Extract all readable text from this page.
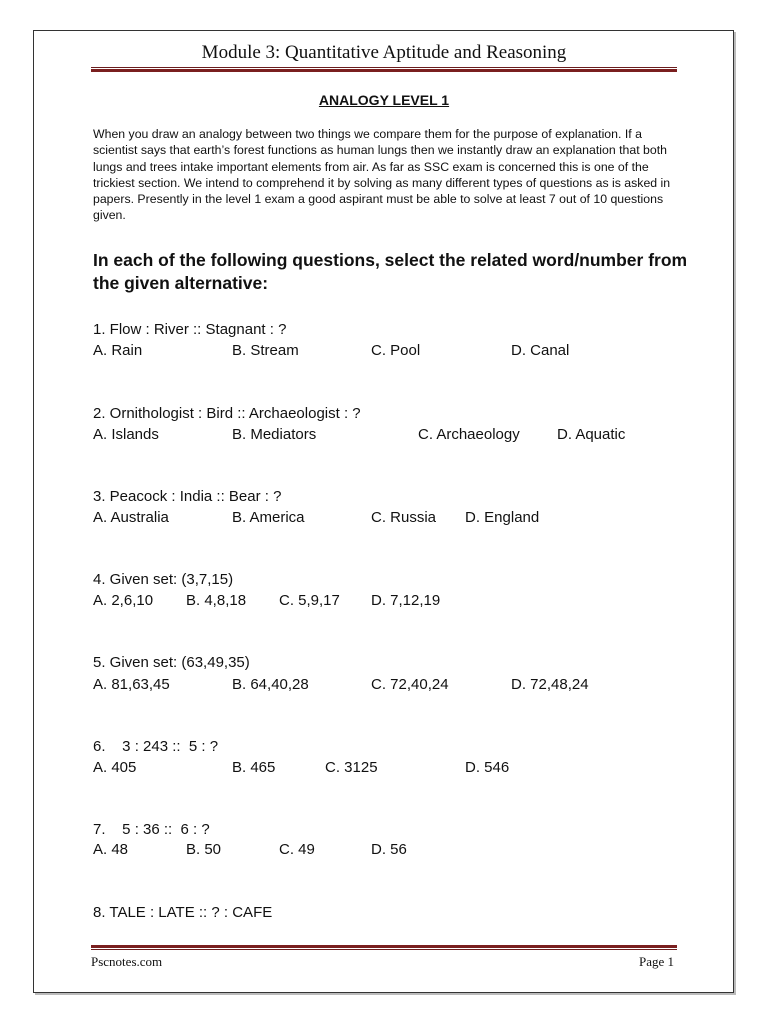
Module 3: Quantitative Aptitude and Reasoning
ANALOGY LEVEL 1
When you draw an analogy between two things we compare them for the purpose of explanation. If a scientist says that earth’s forest functions as human lungs then we instantly draw an explanation that both lungs and trees intake important elements from air. As far as SSC exam is concerned this is one of the trickiest section. We intend to comprehend it by solving as many different types of questions as is asked in papers. Presently in the level 1 exam a good aspirant must be able to solve at least 7 out of 10 questions given.
In each of the following questions, select the related word/number from the given alternative:
1. Flow : River :: Stagnant : ?
A. Rain	B. Stream	C. Pool	D. Canal
2. Ornithologist : Bird :: Archaeologist : ?
A. Islands	B. Mediators	C. Archaeology D. Aquatic
3. Peacock : India :: Bear : ?
A. Australia	B. America	C. Russia D. England
4. Given set: (3,7,15)
A. 2,6,10 B. 4,8,18 C. 5,9,17 D. 7,12,19
5. Given set: (63,49,35)
A. 81,63,45	B. 64,40,28	C. 72,40,24	D. 72,48,24
6.    3 : 243 ::  5 : ?
A. 405	B. 465	C. 3125	D. 546
7.    5 : 36 ::  6 : ?
A. 48	B. 50	C. 49	D. 56
8. TALE : LATE :: ? : CAFE
Pscnotes.com	Page 1
